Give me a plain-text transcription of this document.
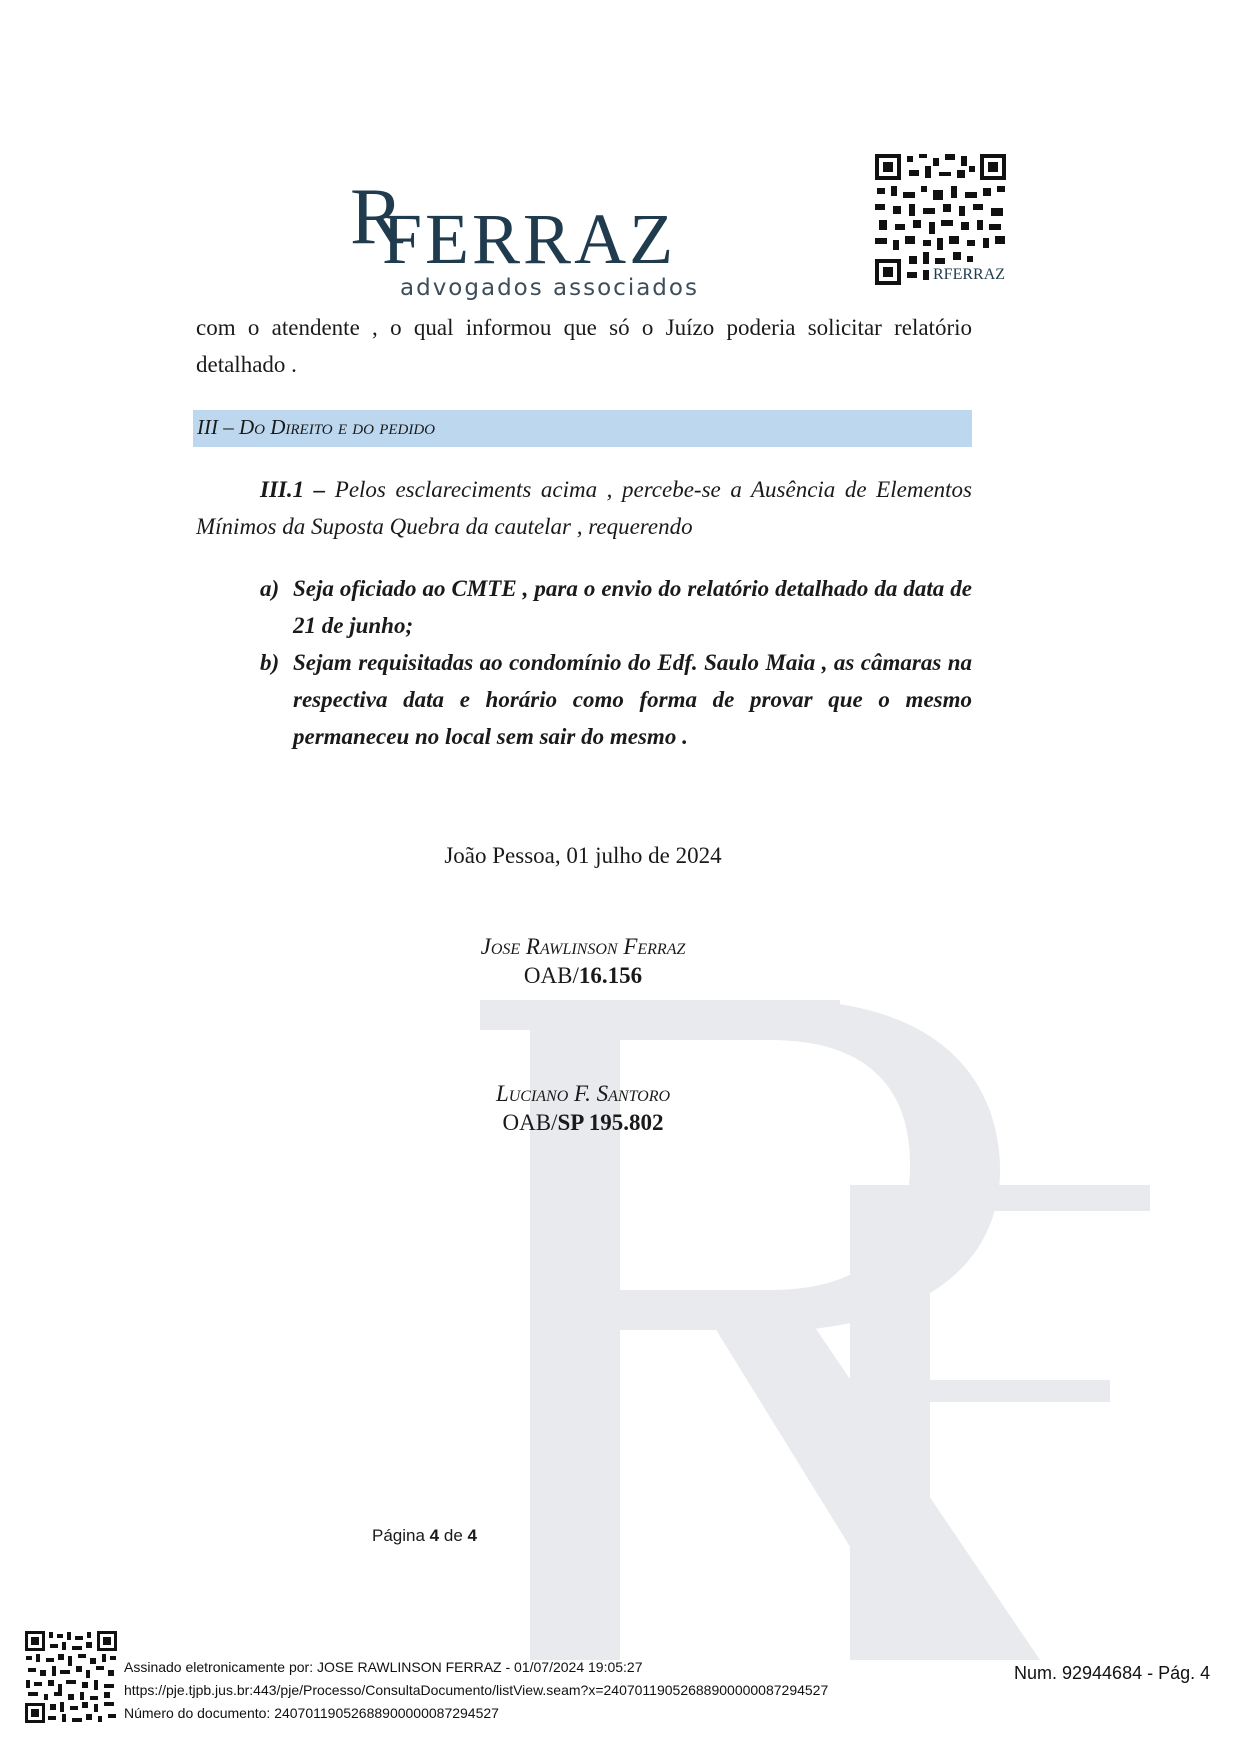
R
FERRAZ
advogados associados
RFERRAZ
com o atendente , o qual informou que só o Juízo poderia solicitar relatório detalhado .
III – Do Direito e do pedido
III.1 – Pelos esclareciments acima , percebe-se a Ausência de Elementos Mínimos da Suposta Quebra da cautelar , requerendo
a) Seja oficiado ao CMTE , para o envio do relatório detalhado da data de 21 de junho;
b) Sejam requisitadas ao condomínio do Edf. Saulo Maia , as câmaras na respectiva data e horário como forma de provar que o mesmo permaneceu no local sem sair do mesmo .
João Pessoa, 01 julho de 2024
Jose Rawlinson Ferraz
OAB/16.156
Luciano F. Santoro
OAB/SP 195.802
Página 4 de 4
Assinado eletronicamente por: JOSE RAWLINSON FERRAZ - 01/07/2024 19:05:27
https://pje.tjpb.jus.br:443/pje/Processo/ConsultaDocumento/listView.seam?x=24070119052688900000087294527
Número do documento: 24070119052688900000087294527
Num. 92944684 - Pág. 4
